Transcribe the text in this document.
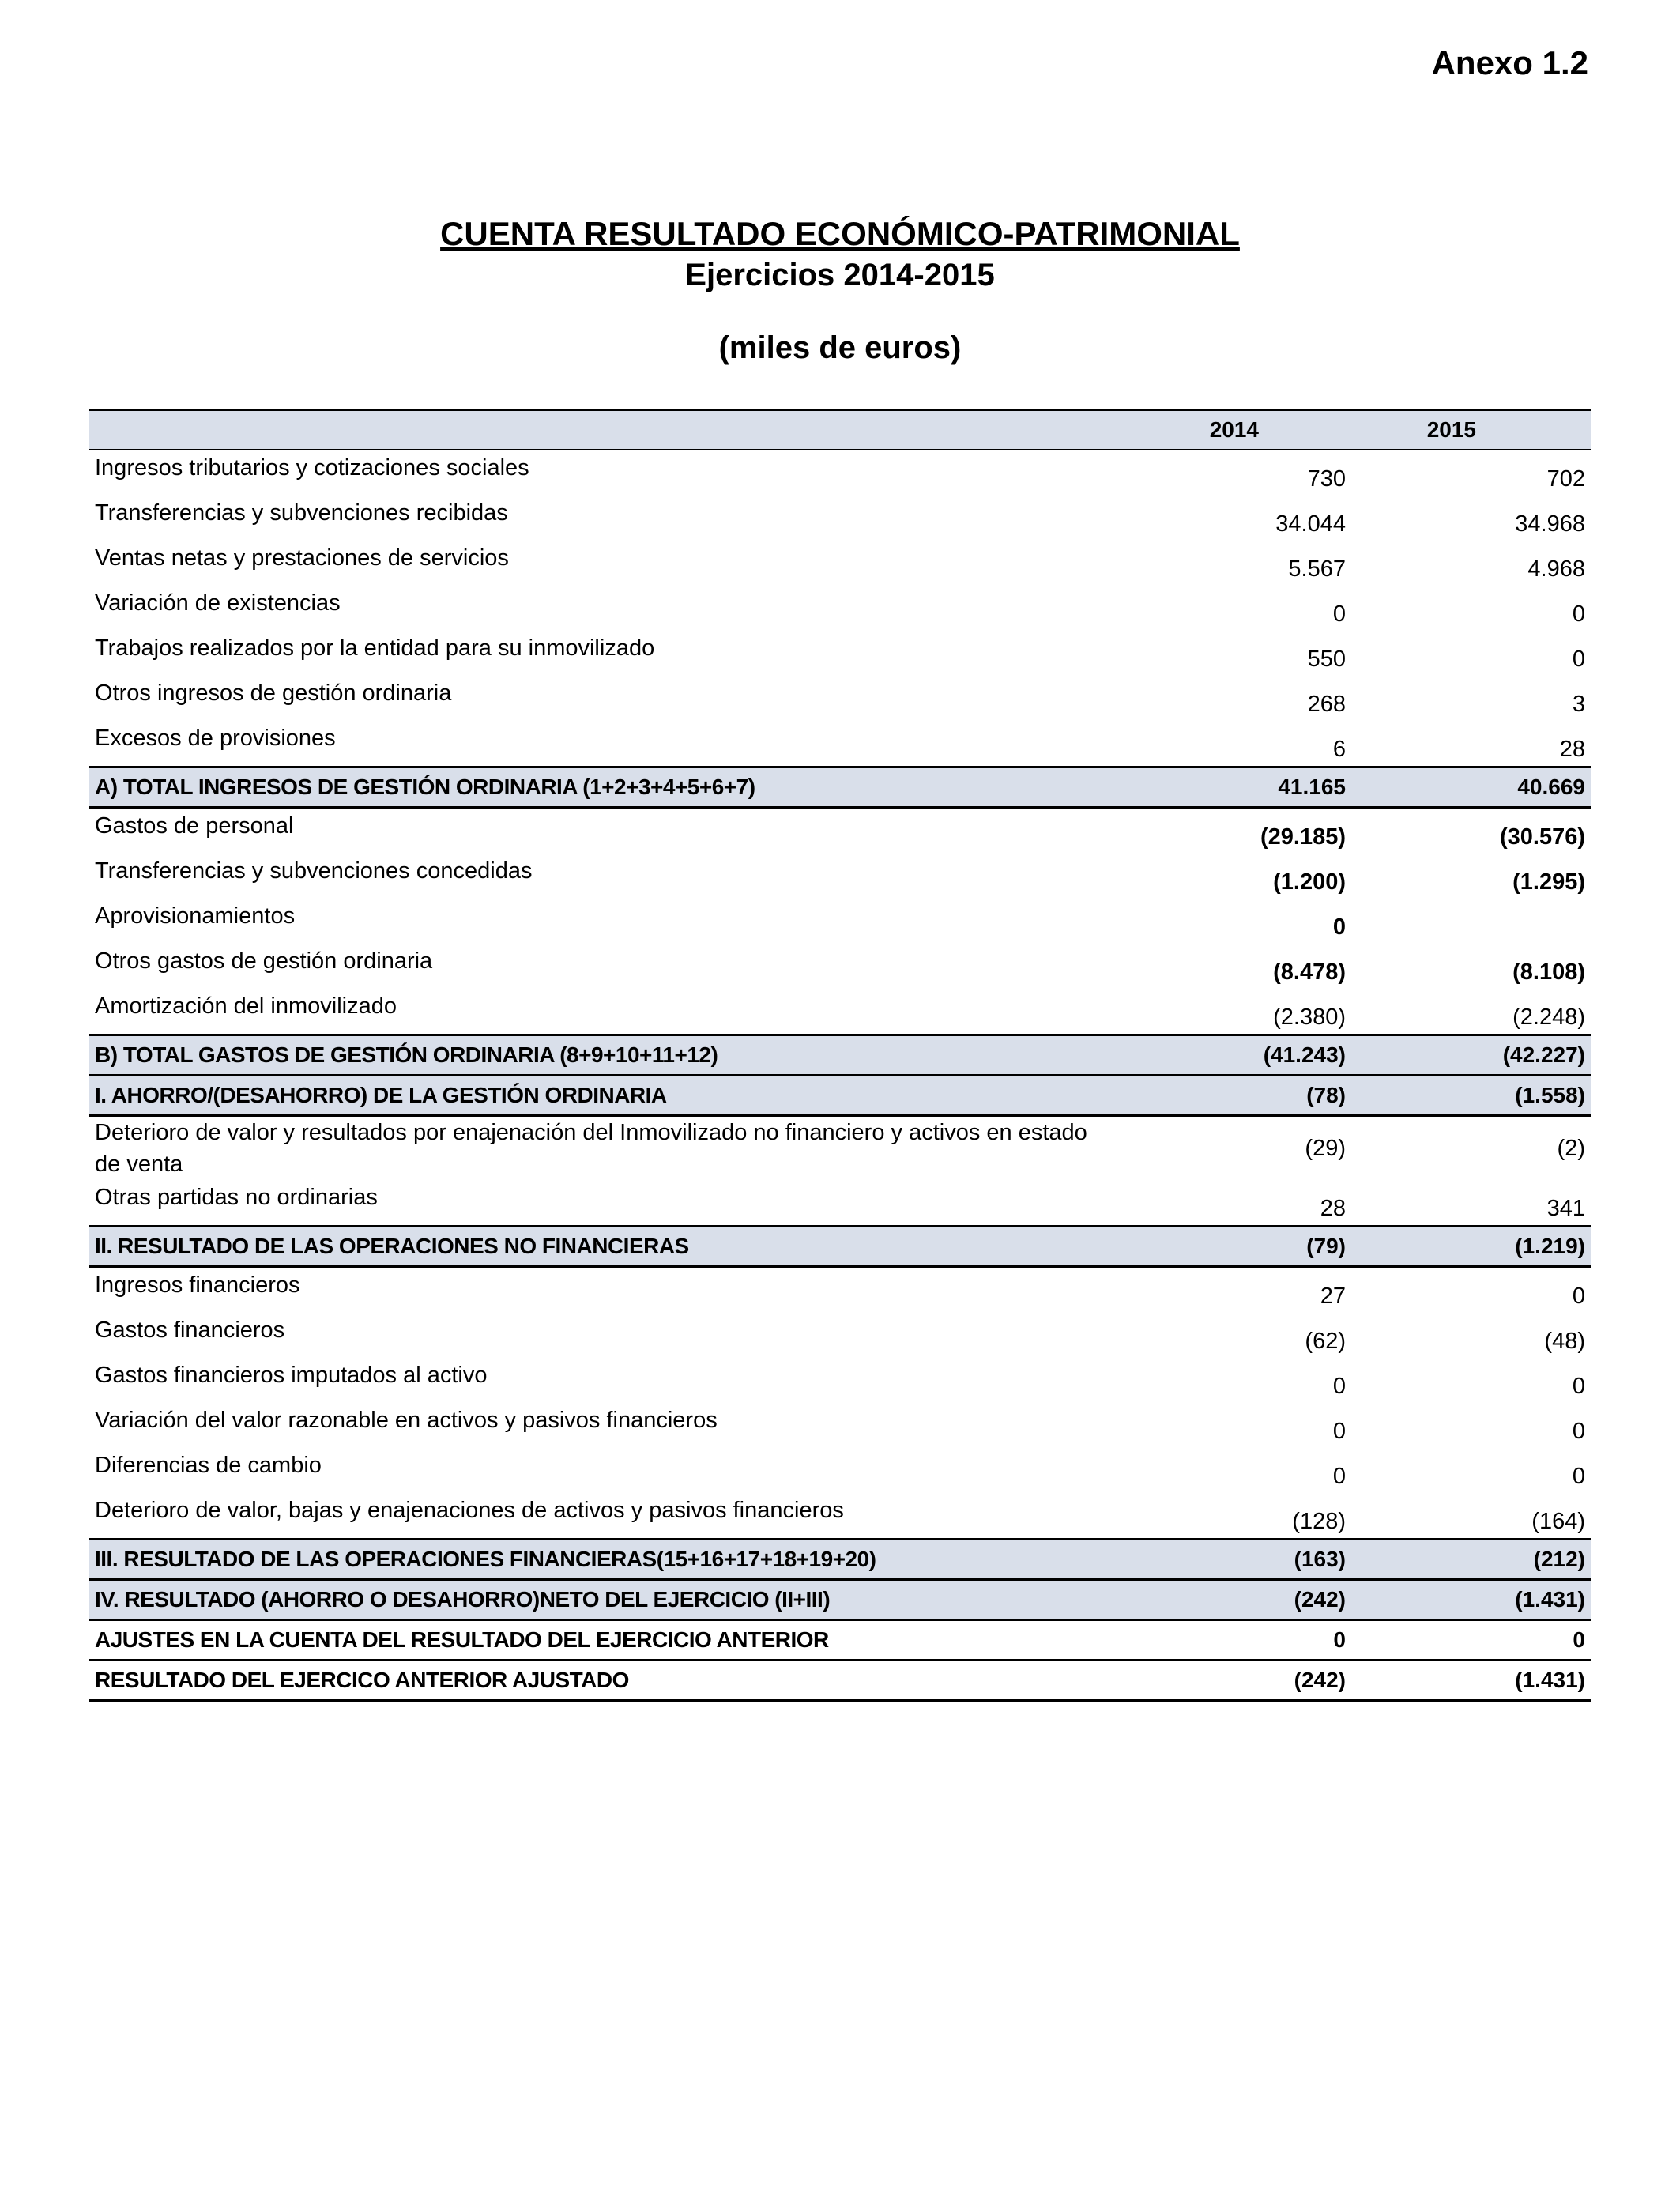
Anexo 1.2
CUENTA RESULTADO ECONÓMICO-PATRIMONIAL
Ejercicios 2014-2015
(miles de euros)
	2014	2015
Ingresos tributarios y cotizaciones sociales	730	702
Transferencias y subvenciones recibidas	34.044	34.968
Ventas netas y prestaciones de servicios	5.567	4.968
Variación de existencias	0	0
Trabajos realizados por la entidad para su inmovilizado	550	0
Otros ingresos de gestión ordinaria	268	3
Excesos de provisiones	6	28
A) TOTAL INGRESOS DE GESTIÓN ORDINARIA (1+2+3+4+5+6+7)	41.165	40.669
Gastos de personal	(29.185)	(30.576)
Transferencias y subvenciones concedidas	(1.200)	(1.295)
Aprovisionamientos	0	
Otros gastos de gestión ordinaria	(8.478)	(8.108)
Amortización del inmovilizado	(2.380)	(2.248)
B) TOTAL GASTOS DE GESTIÓN ORDINARIA (8+9+10+11+12)	(41.243)	(42.227)
I. AHORRO/(DESAHORRO) DE LA GESTIÓN ORDINARIA	(78)	(1.558)
Deterioro de valor y resultados por enajenación del Inmovilizado no financiero y activos en estado de venta	(29)	(2)
Otras partidas no ordinarias	28	341
II. RESULTADO DE LAS OPERACIONES NO FINANCIERAS	(79)	(1.219)
Ingresos financieros	27	0
Gastos financieros	(62)	(48)
Gastos financieros imputados al activo	0	0
Variación del valor razonable en activos y pasivos financieros	0	0
Diferencias de cambio	0	0
Deterioro de valor, bajas y enajenaciones de activos y pasivos financieros	(128)	(164)
III. RESULTADO DE LAS OPERACIONES FINANCIERAS(15+16+17+18+19+20)	(163)	(212)
IV. RESULTADO (AHORRO O DESAHORRO)NETO DEL EJERCICIO (II+III)	(242)	(1.431)
AJUSTES EN LA CUENTA DEL RESULTADO DEL EJERCICIO ANTERIOR	0	0
RESULTADO DEL EJERCICO ANTERIOR AJUSTADO	(242)	(1.431)
